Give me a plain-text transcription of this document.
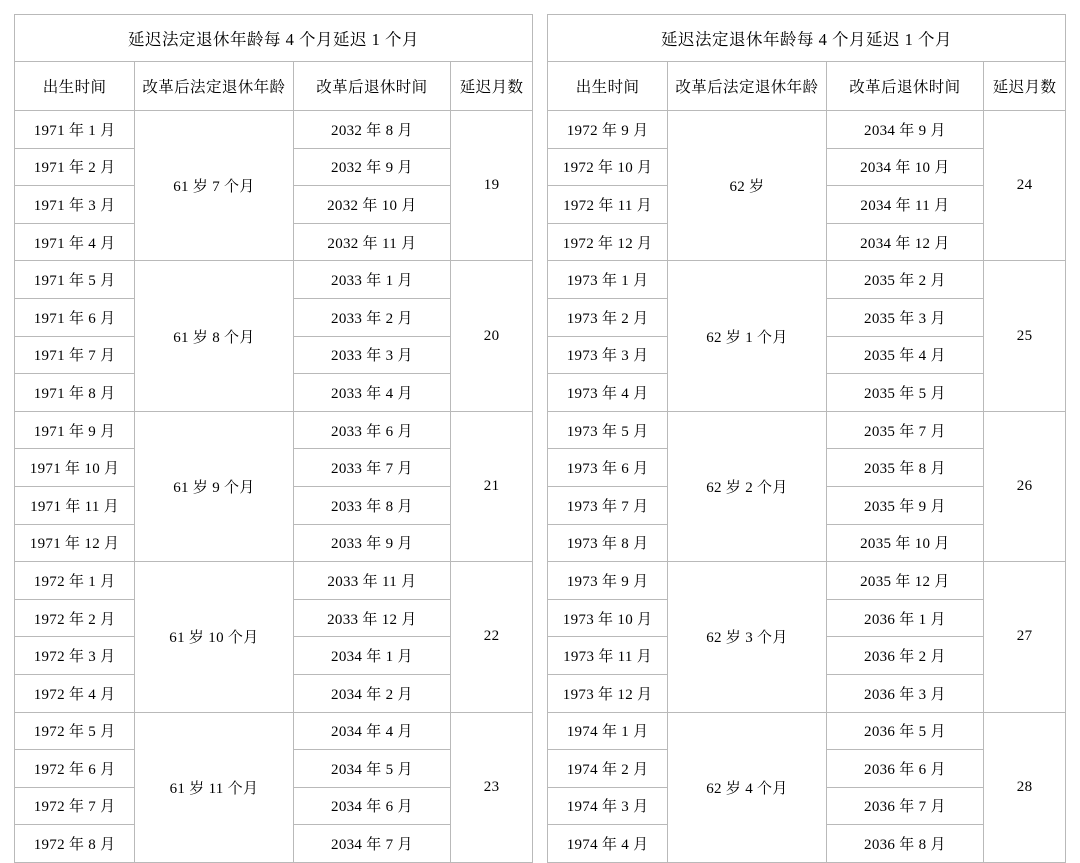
延迟法定退休年龄每 4 个月延迟 1 个月			
出生时间	改革后法定退休年龄	改革后退休时间	延迟月数
1971 年 1 月	61 岁 7 个月	2032 年 8 月	19
1971 年 2 月		2032 年 9 月	
1971 年 3 月		2032 年 10 月	
1971 年 4 月		2032 年 11 月	
1971 年 5 月	61 岁 8 个月	2033 年 1 月	20
1971 年 6 月		2033 年 2 月	
1971 年 7 月		2033 年 3 月	
1971 年 8 月		2033 年 4 月	
1971 年 9 月	61 岁 9 个月	2033 年 6 月	21
1971 年 10 月		2033 年 7 月	
1971 年 11 月		2033 年 8 月	
1971 年 12 月		2033 年 9 月	
1972 年 1 月	61 岁 10 个月	2033 年 11 月	22
1972 年 2 月		2033 年 12 月	
1972 年 3 月		2034 年 1 月	
1972 年 4 月		2034 年 2 月	
1972 年 5 月	61 岁 11 个月	2034 年 4 月	23
1972 年 6 月		2034 年 5 月	
1972 年 7 月		2034 年 6 月	
1972 年 8 月		2034 年 7 月	
延迟法定退休年龄每 4 个月延迟 1 个月			
出生时间	改革后法定退休年龄	改革后退休时间	延迟月数
1972 年 9 月	62 岁	2034 年 9 月	24
1972 年 10 月		2034 年 10 月	
1972 年 11 月		2034 年 11 月	
1972 年 12 月		2034 年 12 月	
1973 年 1 月	62 岁 1 个月	2035 年 2 月	25
1973 年 2 月		2035 年 3 月	
1973 年 3 月		2035 年 4 月	
1973 年 4 月		2035 年 5 月	
1973 年 5 月	62 岁 2 个月	2035 年 7 月	26
1973 年 6 月		2035 年 8 月	
1973 年 7 月		2035 年 9 月	
1973 年 8 月		2035 年 10 月	
1973 年 9 月	62 岁 3 个月	2035 年 12 月	27
1973 年 10 月		2036 年 1 月	
1973 年 11 月		2036 年 2 月	
1973 年 12 月		2036 年 3 月	
1974 年 1 月	62 岁 4 个月	2036 年 5 月	28
1974 年 2 月		2036 年 6 月	
1974 年 3 月		2036 年 7 月	
1974 年 4 月		2036 年 8 月	
